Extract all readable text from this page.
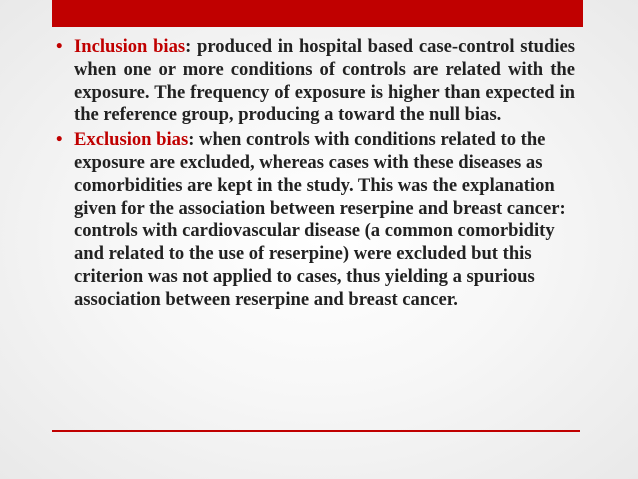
• Inclusion bias: produced in hospital based case-control studies when one or more conditions of controls are related with the exposure. The frequency of exposure is higher than expected in the reference group, producing a toward the null bias.
• Exclusion bias: when controls with conditions related to the exposure are excluded, whereas cases with these diseases as comorbidities are kept in the study. This was the explanation given for the association between reserpine and breast cancer: controls with cardiovascular disease (a common comorbidity and related to the use of reserpine) were excluded but this criterion was not applied to cases, thus yielding a spurious association between reserpine and breast cancer.
